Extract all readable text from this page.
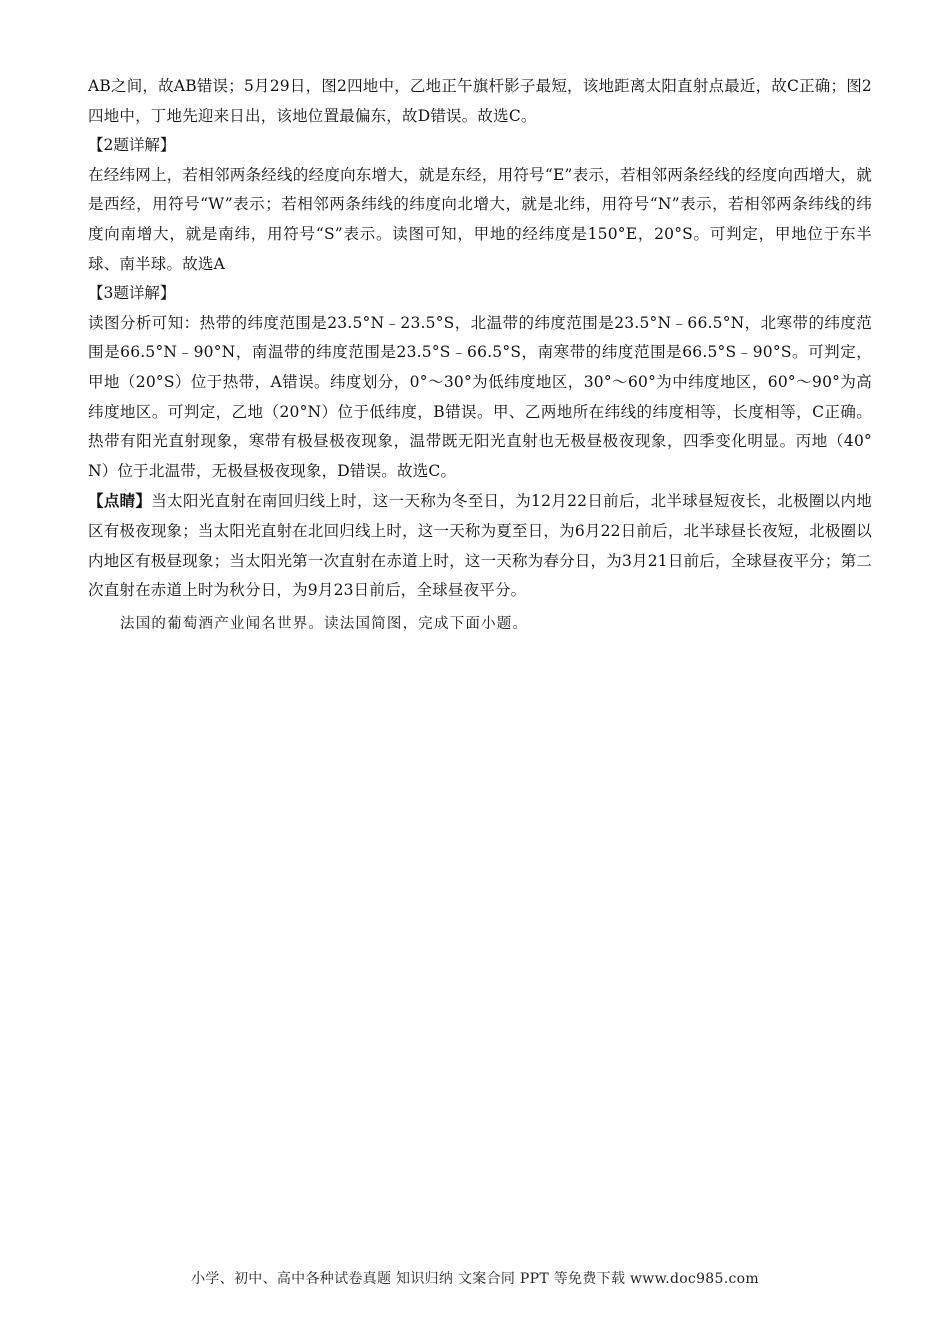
AB之间，故AB错误；5月29日，图2四地中，乙地正午旗杆影子最短，该地距离太阳直射点最近，故C正确；图2四地中，丁地先迎来日出，该地位置最偏东，故D错误。故选C。

【2题详解】

在经纬网上，若相邻两条经线的经度向东增大，就是东经，用符号“E”表示，若相邻两条经线的经度向西增大，就是西经，用符号“W”表示；若相邻两条纬线的纬度向北增大，就是北纬，用符号“N”表示，若相邻两条纬线的纬度向南增大，就是南纬，用符号“S”表示。读图可知，甲地的经纬度是150°E，20°S。可判定，甲地位于东半球、南半球。故选A

【3题详解】

读图分析可知：热带的纬度范围是23.5°N﹣23.5°S，北温带的纬度范围是23.5°N﹣66.5°N，北寒带的纬度范围是66.5°N﹣90°N，南温带的纬度范围是23.5°S﹣66.5°S，南寒带的纬度范围是66.5°S﹣90°S。可判定，甲地（20°S）位于热带，A错误。纬度划分，0°～30°为低纬度地区，30°～60°为中纬度地区，60°～90°为高纬度地区。可判定，乙地（20°N）位于低纬度，B错误。甲、乙两地所在纬线的纬度相等，长度相等，C正确。热带有阳光直射现象，寒带有极昼极夜现象，温带既无阳光直射也无极昼极夜现象，四季变化明显。丙地（40°N）位于北温带，无极昼极夜现象，D错误。故选C。

【点睛】当太阳光直射在南回归线上时，这一天称为冬至日，为12月22日前后，北半球昼短夜长，北极圈以内地区有极夜现象；当太阳光直射在北回归线上时，这一天称为夏至日，为6月22日前后，北半球昼长夜短，北极圈以内地区有极昼现象；当太阳光第一次直射在赤道上时，这一天称为春分日，为3月21日前后，全球昼夜平分；第二次直射在赤道上时为秋分日，为9月23日前后，全球昼夜平分。

法国的葡萄酒产业闻名世界。读法国简图，完成下面小题。

小学、初中、高中各种试卷真题 知识归纳 文案合同 PPT 等免费下载 www.doc985.com
